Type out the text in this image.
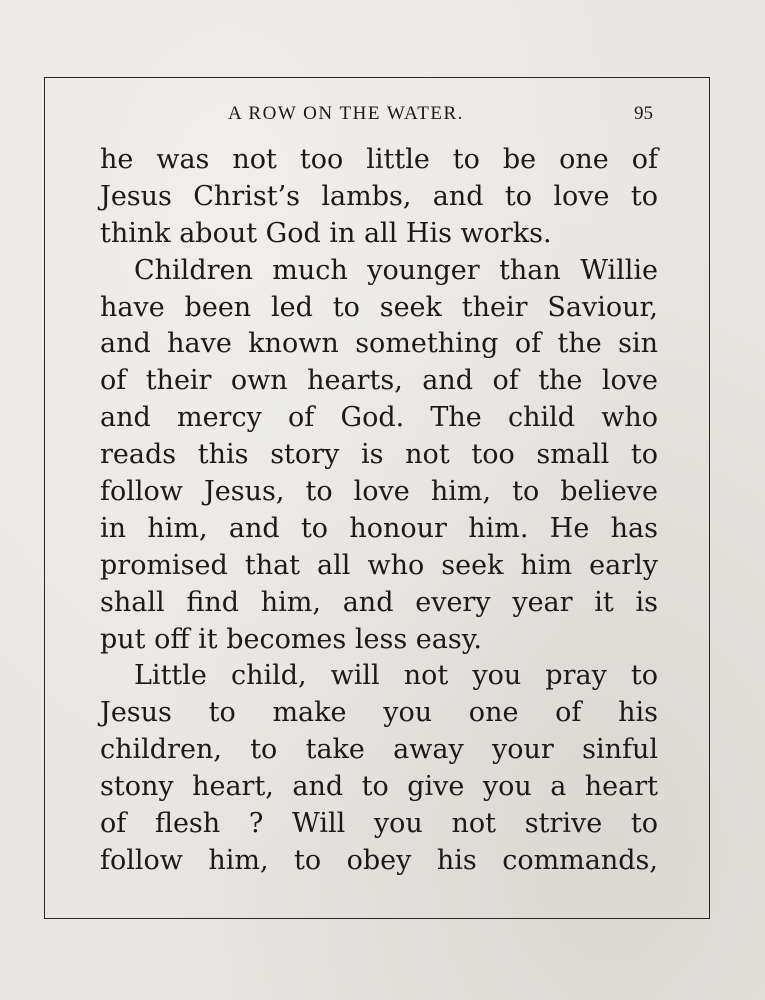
A ROW ON THE WATER.	95
he was not too little to be one of
Jesus Christ’s lambs, and to love to
think about God in all His works.
Children much younger than Willie
have been led to seek their Saviour,
and have known something of the sin
of their own hearts, and of the love
and mercy of God. The child who
reads this story is not too small to
follow Jesus, to love him, to believe
in him, and to honour him. He has
promised that all who seek him early
shall find him, and every year it is
put off it becomes less easy.
Little child, will not you pray to
Jesus to make you one of his
children, to take away your sinful
stony heart, and to give you a heart
of flesh ? Will you not strive to
follow him, to obey his commands,
